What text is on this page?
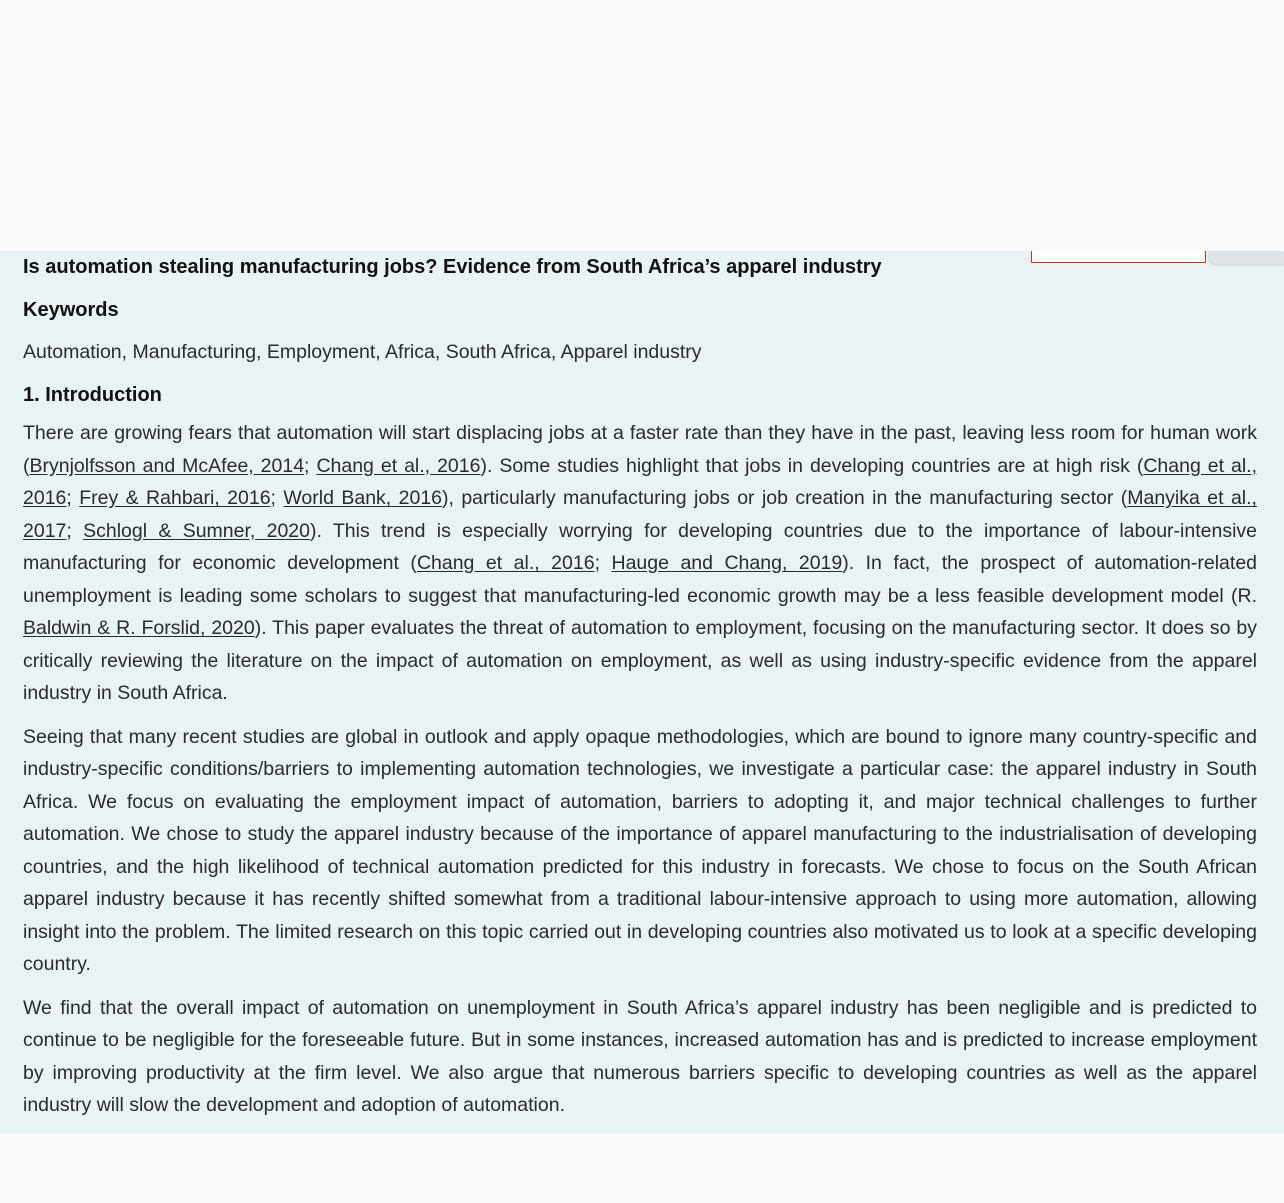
Is automation stealing manufacturing jobs? Evidence from South Africa’s apparel industry
Keywords

Automation, Manufacturing, Employment, Africa, South Africa, Apparel industry

1. Introduction

There are growing fears that automation will start displacing jobs at a faster rate than they have in the past, leaving less room for human work (Brynjolfsson and McAfee, 2014; Chang et al., 2016). Some studies highlight that jobs in developing countries are at high risk (Chang et al., 2016; Frey & Rahbari, 2016; World Bank, 2016), particularly manufacturing jobs or job creation in the manufacturing sector (Manyika et al., 2017; Schlogl & Sumner, 2020). This trend is especially worrying for developing countries due to the importance of labour-intensive manufacturing for economic development (Chang et al., 2016; Hauge and Chang, 2019). In fact, the prospect of automation-related unemployment is leading some scholars to suggest that manufacturing-led economic growth may be a less feasible development model (R. Baldwin & R. Forslid, 2020). This paper evaluates the threat of automation to employment, focusing on the manufacturing sector. It does so by critically reviewing the literature on the impact of automation on employment, as well as using industry-specific evidence from the apparel industry in South Africa.

Seeing that many recent studies are global in outlook and apply opaque methodologies, which are bound to ignore many country-specific and industry-specific conditions/barriers to implementing automation technologies, we investigate a particular case: the apparel industry in South Africa. We focus on evaluating the employment impact of automation, barriers to adopting it, and major technical challenges to further automation. We chose to study the apparel industry because of the importance of apparel manufacturing to the industrialisation of developing countries, and the high likelihood of technical automation predicted for this industry in forecasts. We chose to focus on the South African apparel industry because it has recently shifted somewhat from a traditional labour-intensive approach to using more automation, allowing insight into the problem. The limited research on this topic carried out in developing countries also motivated us to look at a specific developing country.

We find that the overall impact of automation on unemployment in South Africa’s apparel industry has been negligible and is predicted to continue to be negligible for the foreseeable future. But in some instances, increased automation has and is predicted to increase employment by improving productivity at the firm level. We also argue that numerous barriers specific to developing countries as well as the apparel industry will slow the development and adoption of automation.
